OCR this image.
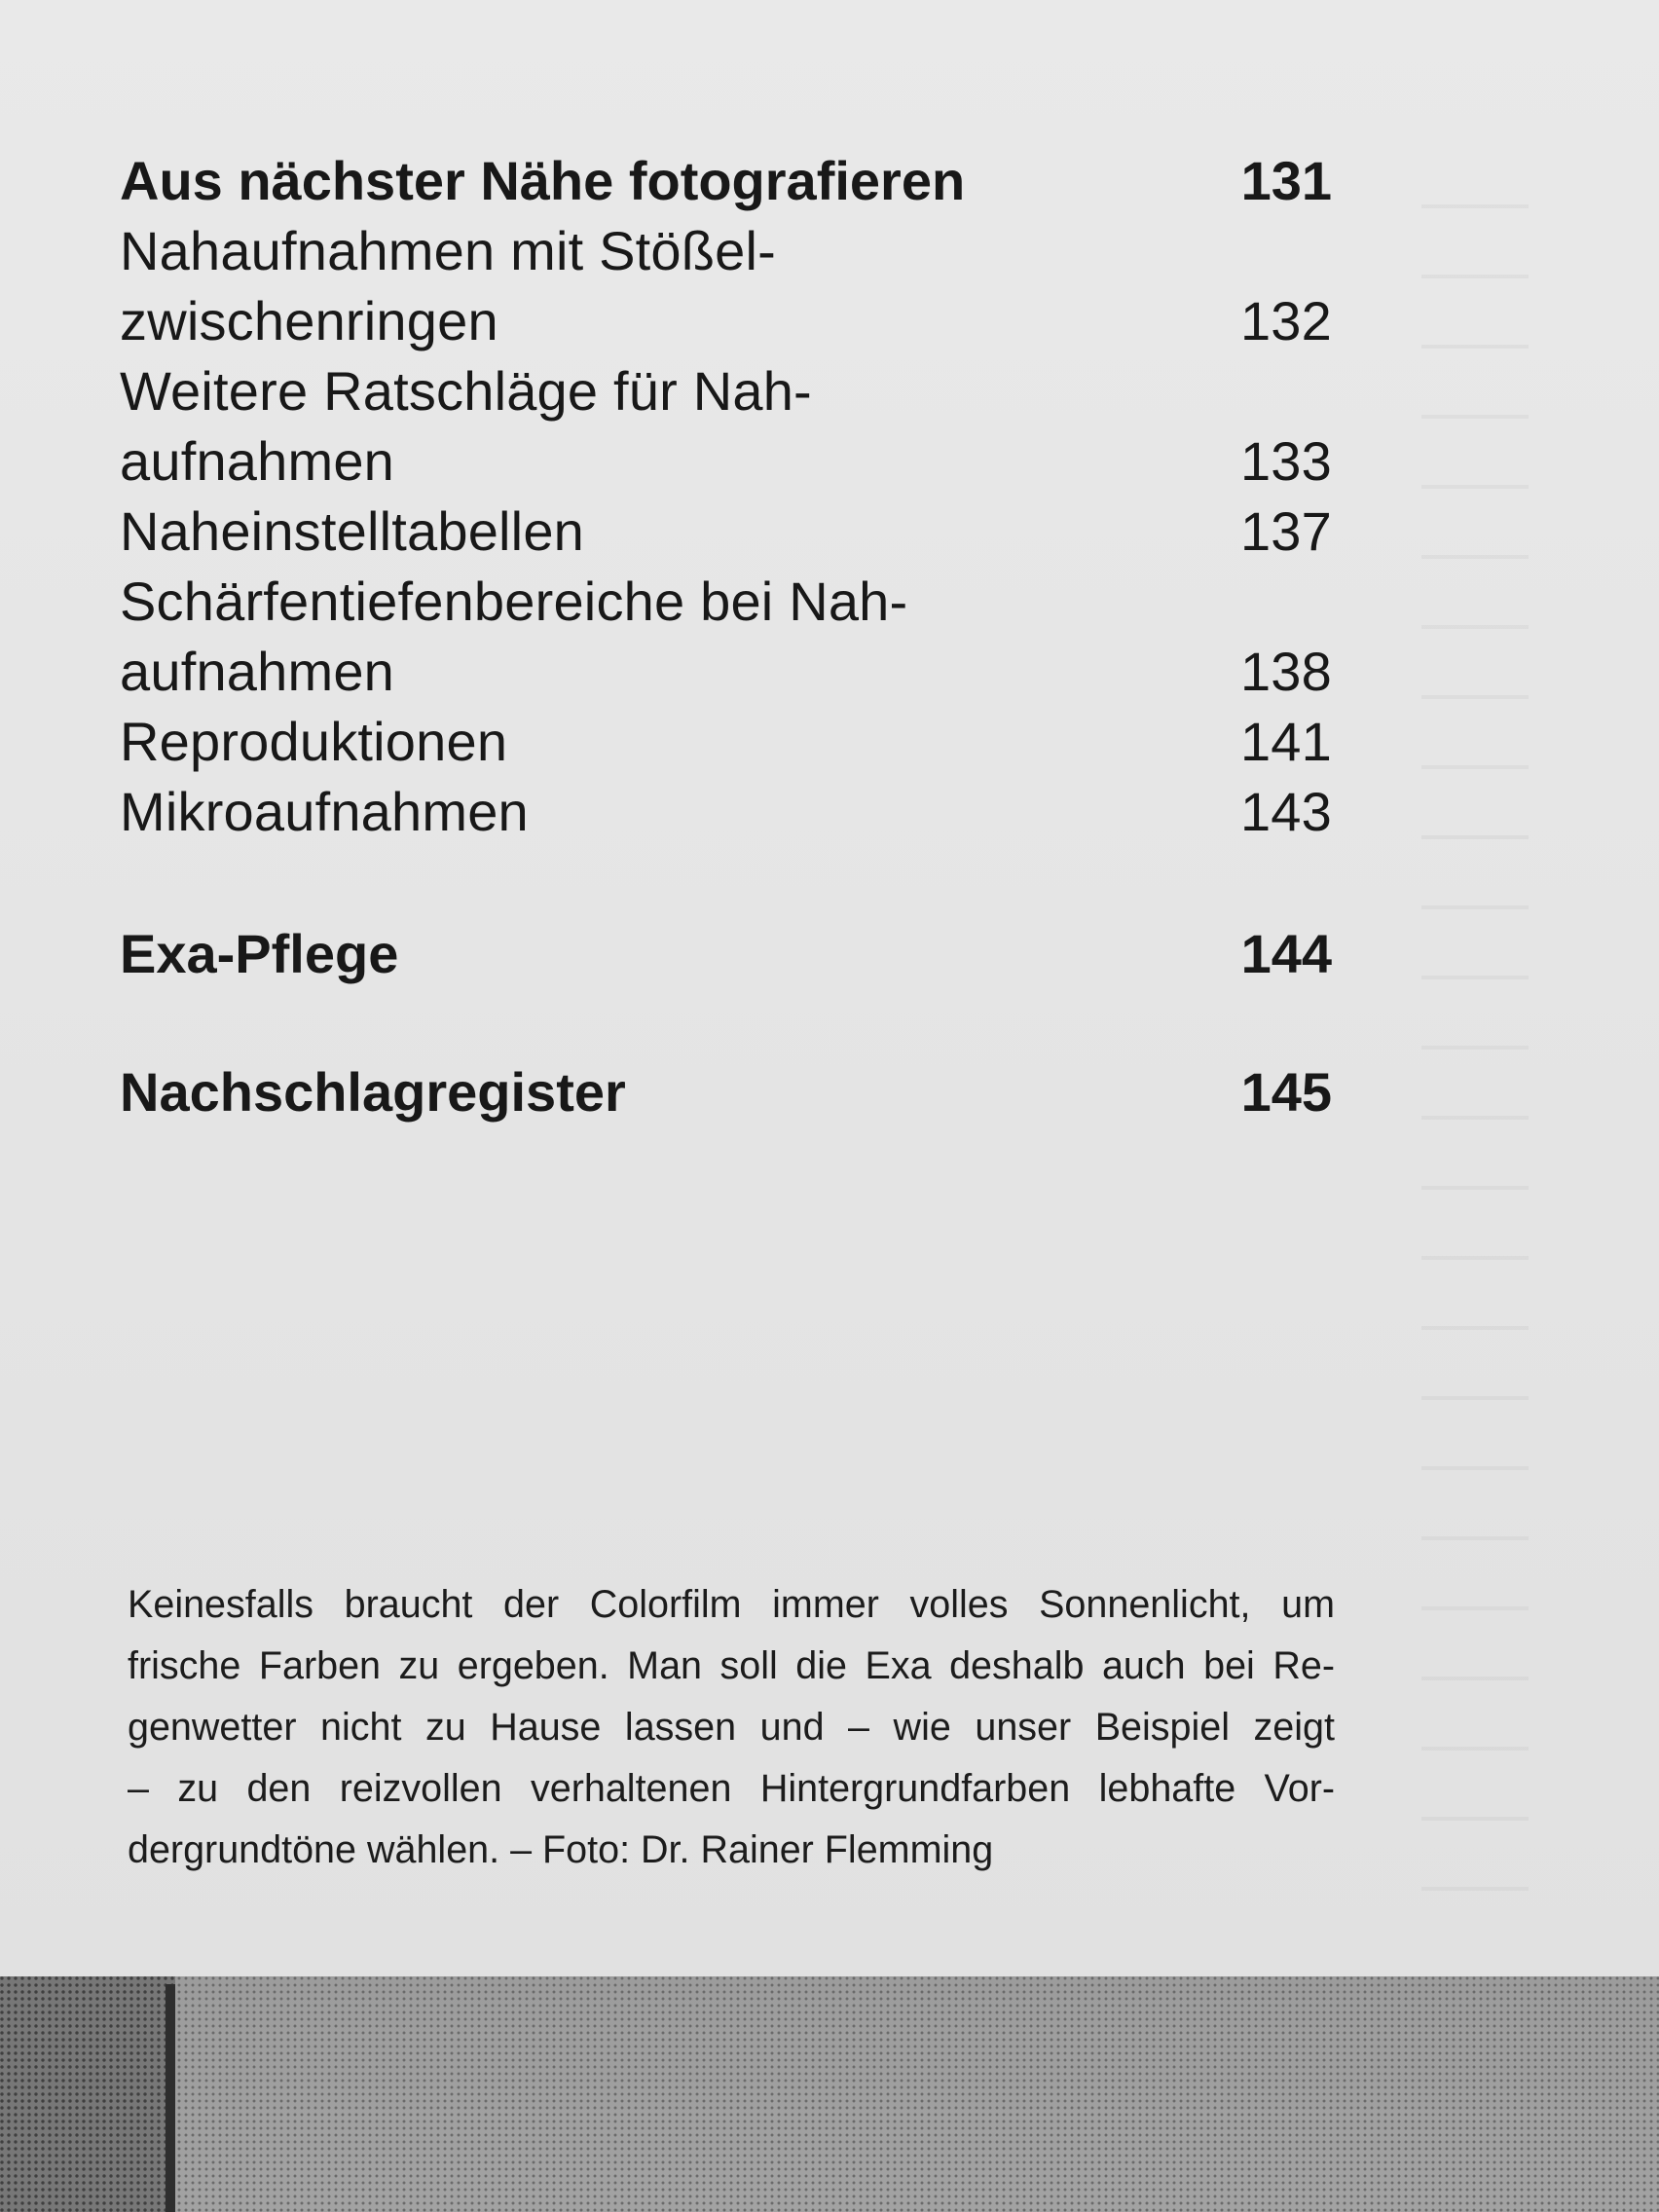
Aus nächster Nähe fotografieren	131
Nahaufnahmen mit Stößel-
zwischenringen	132
Weitere Ratschläge für Nah-
aufnahmen	133
Naheinstelltabellen	137
Schärfentiefenbereiche bei Nah-
aufnahmen	138
Reproduktionen	141
Mikroaufnahmen	143
Exa-Pflege	144
Nachschlagregister	145
Keinesfalls braucht der Colorfilm immer volles Sonnenlicht, um
frische Farben zu ergeben. Man soll die Exa deshalb auch bei Re-
genwetter nicht zu Hause lassen und – wie unser Beispiel zeigt
– zu den reizvollen verhaltenen Hintergrundfarben lebhafte Vor-
dergrundtöne wählen. – Foto: Dr. Rainer Flemming
